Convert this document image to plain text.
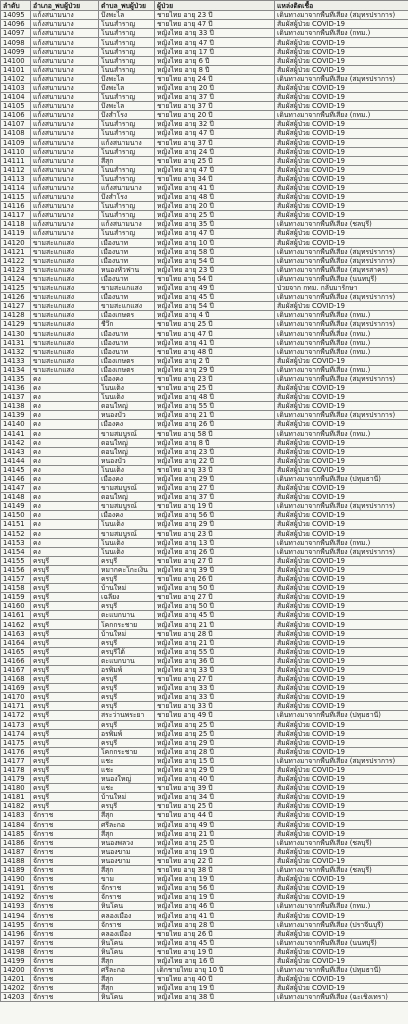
ลำดับ	อำเภอ_พบผู้ป่วย	ตำบล_พบผู้ป่วย	ผู้ป่วย	แหล่งติดเชื้อ
14095	แก้งสนามนาง	บึงพะไล	ชายไทย อายุ 23 ปี	เดินทางมาจากพื้นที่เสี่ยง (สมุทรปราการ)
14096	แก้งสนามนาง	โนนสำราญ	ชายไทย อายุ 47 ปี	สัมผัสผู้ป่วย COVID-19
14097	แก้งสนามนาง	โนนสำราญ	หญิงไทย อายุ 33 ปี	เดินทางมาจากพื้นที่เสี่ยง (กทม.)
14098	แก้งสนามนาง	โนนสำราญ	หญิงไทย อายุ 47 ปี	สัมผัสผู้ป่วย COVID-19
14099	แก้งสนามนาง	โนนสำราญ	หญิงไทย อายุ 17 ปี	สัมผัสผู้ป่วย COVID-19
14100	แก้งสนามนาง	โนนสำราญ	หญิงไทย อายุ 6 ปี	สัมผัสผู้ป่วย COVID-19
14101	แก้งสนามนาง	โนนสำราญ	หญิงไทย อายุ 8 ปี	สัมผัสผู้ป่วย COVID-19
14102	แก้งสนามนาง	บึงพะไล	ชายไทย อายุ 24 ปี	เดินทางมาจากพื้นที่เสี่ยง (สมุทรปราการ)
14103	แก้งสนามนาง	บึงพะไล	หญิงไทย อายุ 20 ปี	สัมผัสผู้ป่วย COVID-19
14104	แก้งสนามนาง	โนนสำราญ	หญิงไทย อายุ 37 ปี	สัมผัสผู้ป่วย COVID-19
14105	แก้งสนามนาง	บึงพะไล	ชายไทย อายุ 37 ปี	สัมผัสผู้ป่วย COVID-19
14106	แก้งสนามนาง	บึงสำโรง	ชายไทย อายุ 20 ปี	เดินทางมาจากพื้นที่เสี่ยง (กทม.)
14107	แก้งสนามนาง	โนนสำราญ	หญิงไทย อายุ 32 ปี	สัมผัสผู้ป่วย COVID-19
14108	แก้งสนามนาง	โนนสำราญ	หญิงไทย อายุ 47 ปี	สัมผัสผู้ป่วย COVID-19
14109	แก้งสนามนาง	แก้งสนามนาง	ชายไทย อายุ 37 ปี	สัมผัสผู้ป่วย COVID-19
14110	แก้งสนามนาง	โนนสำราญ	หญิงไทย อายุ 24 ปี	สัมผัสผู้ป่วย COVID-19
14111	แก้งสนามนาง	สีสุก	ชายไทย อายุ 25 ปี	สัมผัสผู้ป่วย COVID-19
14112	แก้งสนามนาง	โนนสำราญ	หญิงไทย อายุ 47 ปี	สัมผัสผู้ป่วย COVID-19
14113	แก้งสนามนาง	โนนสำราญ	ชายไทย อายุ 34 ปี	สัมผัสผู้ป่วย COVID-19
14114	แก้งสนามนาง	แก้งสนามนาง	หญิงไทย อายุ 41 ปี	สัมผัสผู้ป่วย COVID-19
14115	แก้งสนามนาง	บึงสำโรง	หญิงไทย อายุ 48 ปี	สัมผัสผู้ป่วย COVID-19
14116	แก้งสนามนาง	โนนสำราญ	หญิงไทย อายุ 20 ปี	สัมผัสผู้ป่วย COVID-19
14117	แก้งสนามนาง	โนนสำราญ	หญิงไทย อายุ 25 ปี	สัมผัสผู้ป่วย COVID-19
14118	แก้งสนามนาง	แก้งสนามนาง	หญิงไทย อายุ 35 ปี	เดินทางมาจากพื้นที่เสี่ยง (ชลบุรี)
14119	แก้งสนามนาง	โนนสำราญ	หญิงไทย อายุ 47 ปี	สัมผัสผู้ป่วย COVID-19
14120	ขามสะแกแสง	เมืองนาท	หญิงไทย อายุ 10 ปี	สัมผัสผู้ป่วย COVID-19
14121	ขามสะแกแสง	เมืองนาท	หญิงไทย อายุ 58 ปี	เดินทางมาจากพื้นที่เสี่ยง (สมุทรปราการ)
14122	ขามสะแกแสง	เมืองนาท	หญิงไทย อายุ 54 ปี	เดินทางมาจากพื้นที่เสี่ยง (สมุทรปราการ)
14123	ขามสะแกแสง	หนองหัวฟาน	หญิงไทย อายุ 23 ปี	เดินทางมาจากพื้นที่เสี่ยง (สมุทรสาคร)
14124	ขามสะแกแสง	เมืองนาท	ชายไทย อายุ 54 ปี	เดินทางมาจากพื้นที่เสี่ยง (นนทบุรี)
14125	ขามสะแกแสง	ขามสะแกแสง	หญิงไทย อายุ 49 ปี	ป่วยจาก กทม. กลับมารักษา
14126	ขามสะแกแสง	เมืองนาท	หญิงไทย อายุ 45 ปี	เดินทางมาจากพื้นที่เสี่ยง (สมุทรปราการ)
14127	ขามสะแกแสง	ขามสะแกแสง	หญิงไทย อายุ 54 ปี	สัมผัสผู้ป่วย COVID-19
14128	ขามสะแกแสง	เมืองเกษตร	หญิงไทย อายุ 4 ปี	เดินทางมาจากพื้นที่เสี่ยง (กทม.)
14129	ขามสะแกแสง	ชีวึก	ชายไทย อายุ 25 ปี	เดินทางมาจากพื้นที่เสี่ยง (สมุทรปราการ)
14130	ขามสะแกแสง	เมืองนาท	ชายไทย อายุ 47 ปี	เดินทางมาจากพื้นที่เสี่ยง (กทม.)
14131	ขามสะแกแสง	เมืองนาท	หญิงไทย อายุ 41 ปี	เดินทางมาจากพื้นที่เสี่ยง (กทม.)
14132	ขามสะแกแสง	เมืองนาท	ชายไทย อายุ 48 ปี	เดินทางมาจากพื้นที่เสี่ยง (กทม.)
14133	ขามสะแกแสง	เมืองเกษตร	หญิงไทย อายุ 2 ปี	สัมผัสผู้ป่วย COVID-19
14134	ขามสะแกแสง	เมืองเกษตร	หญิงไทย อายุ 29 ปี	เดินทางมาจากพื้นที่เสี่ยง (กทม.)
14135	คง	เมืองคง	ชายไทย อายุ 23 ปี	เดินทางมาจากพื้นที่เสี่ยง (สมุทรปราการ)
14136	คง	โนนเต็ง	ชายไทย อายุ 25 ปี	สัมผัสผู้ป่วย COVID-19
14137	คง	โนนเต็ง	หญิงไทย อายุ 48 ปี	สัมผัสผู้ป่วย COVID-19
14138	คง	ดอนใหญ่	หญิงไทย อายุ 55 ปี	สัมผัสผู้ป่วย COVID-19
14139	คง	หนองบัว	หญิงไทย อายุ 21 ปี	เดินทางมาจากพื้นที่เสี่ยง (สมุทรปราการ)
14140	คง	เมืองคง	หญิงไทย อายุ 26 ปี	สัมผัสผู้ป่วย COVID-19
14141	คง	ขามสมบูรณ์	ชายไทย อายุ 58 ปี	เดินทางมาจากพื้นที่เสี่ยง (กทม.)
14142	คง	ดอนใหญ่	หญิงไทย อายุ 8 ปี	สัมผัสผู้ป่วย COVID-19
14143	คง	ดอนใหญ่	หญิงไทย อายุ 23 ปี	สัมผัสผู้ป่วย COVID-19
14144	คง	หนองบัว	หญิงไทย อายุ 22 ปี	สัมผัสผู้ป่วย COVID-19
14145	คง	โนนเต็ง	ชายไทย อายุ 33 ปี	สัมผัสผู้ป่วย COVID-19
14146	คง	เมืองคง	หญิงไทย อายุ 29 ปี	เดินทางมาจากพื้นที่เสี่ยง (ปทุมธานี)
14147	คง	ขามสมบูรณ์	หญิงไทย อายุ 27 ปี	สัมผัสผู้ป่วย COVID-19
14148	คง	ดอนใหญ่	หญิงไทย อายุ 37 ปี	สัมผัสผู้ป่วย COVID-19
14149	คง	ขามสมบูรณ์	ชายไทย อายุ 19 ปี	เดินทางมาจากพื้นที่เสี่ยง (สมุทรปราการ)
14150	คง	เมืองคง	หญิงไทย อายุ 56 ปี	สัมผัสผู้ป่วย COVID-19
14151	คง	โนนเต็ง	หญิงไทย อายุ 29 ปี	สัมผัสผู้ป่วย COVID-19
14152	คง	ขามสมบูรณ์	ชายไทย อายุ 23 ปี	สัมผัสผู้ป่วย COVID-19
14153	คง	โนนเต็ง	หญิงไทย อายุ 13 ปี	เดินทางมาจากพื้นที่เสี่ยง (กทม.)
14154	คง	โนนเต็ง	หญิงไทย อายุ 26 ปี	เดินทางมาจากพื้นที่เสี่ยง (สมุทรปราการ)
14155	ครบุรี	ครบุรี	ชายไทย อายุ 27 ปี	สัมผัสผู้ป่วย COVID-19
14156	ครบุรี	หมากคะโกะเงิน	หญิงไทย อายุ 39 ปี	สัมผัสผู้ป่วย COVID-19
14157	ครบุรี	ครบุรี	ชายไทย อายุ 26 ปี	สัมผัสผู้ป่วย COVID-19
14158	ครบุรี	บ้านใหม่	หญิงไทย อายุ 50 ปี	สัมผัสผู้ป่วย COVID-19
14159	ครบุรี	เฉลียง	ชายไทย อายุ 27 ปี	สัมผัสผู้ป่วย COVID-19
14160	ครบุรี	ครบุรี	หญิงไทย อายุ 50 ปี	สัมผัสผู้ป่วย COVID-19
14161	ครบุรี	ตะแบกบาน	หญิงไทย อายุ 45 ปี	สัมผัสผู้ป่วย COVID-19
14162	ครบุรี	โคกกระชาย	หญิงไทย อายุ 21 ปี	สัมผัสผู้ป่วย COVID-19
14163	ครบุรี	บ้านใหม่	ชายไทย อายุ 28 ปี	สัมผัสผู้ป่วย COVID-19
14164	ครบุรี	ครบุรี	หญิงไทย อายุ 21 ปี	สัมผัสผู้ป่วย COVID-19
14165	ครบุรี	ครบุรีใต้	หญิงไทย อายุ 55 ปี	สัมผัสผู้ป่วย COVID-19
14166	ครบุรี	ตะแบกบาน	หญิงไทย อายุ 36 ปี	สัมผัสผู้ป่วย COVID-19
14167	ครบุรี	อรพิมพ์	หญิงไทย อายุ 33 ปี	สัมผัสผู้ป่วย COVID-19
14168	ครบุรี	ครบุรี	ชายไทย อายุ 27 ปี	สัมผัสผู้ป่วย COVID-19
14169	ครบุรี	ครบุรี	หญิงไทย อายุ 33 ปี	สัมผัสผู้ป่วย COVID-19
14170	ครบุรี	ครบุรี	หญิงไทย อายุ 33 ปี	สัมผัสผู้ป่วย COVID-19
14171	ครบุรี	ครบุรี	ชายไทย อายุ 33 ปี	สัมผัสผู้ป่วย COVID-19
14172	ครบุรี	สระว่านพระยา	ชายไทย อายุ 49 ปี	เดินทางมาจากพื้นที่เสี่ยง (ปทุมธานี)
14173	ครบุรี	ครบุรี	หญิงไทย อายุ 25 ปี	สัมผัสผู้ป่วย COVID-19
14174	ครบุรี	อรพิมพ์	หญิงไทย อายุ 25 ปี	สัมผัสผู้ป่วย COVID-19
14175	ครบุรี	ครบุรี	หญิงไทย อายุ 29 ปี	สัมผัสผู้ป่วย COVID-19
14176	ครบุรี	โคกกระชาย	หญิงไทย อายุ 28 ปี	สัมผัสผู้ป่วย COVID-19
14177	ครบุรี	แชะ	หญิงไทย อายุ 15 ปี	เดินทางมาจากพื้นที่เสี่ยง (สมุทรปราการ)
14178	ครบุรี	แชะ	หญิงไทย อายุ 29 ปี	สัมผัสผู้ป่วย COVID-19
14179	ครบุรี	หนองใหญ่	หญิงไทย อายุ 40 ปี	สัมผัสผู้ป่วย COVID-19
14180	ครบุรี	แชะ	ชายไทย อายุ 39 ปี	สัมผัสผู้ป่วย COVID-19
14181	ครบุรี	บ้านใหม่	หญิงไทย อายุ 34 ปี	สัมผัสผู้ป่วย COVID-19
14182	ครบุรี	ครบุรี	ชายไทย อายุ 25 ปี	สัมผัสผู้ป่วย COVID-19
14183	จักราช	สีสุก	ชายไทย อายุ 44 ปี	สัมผัสผู้ป่วย COVID-19
14184	จักราช	ศรีละกอ	หญิงไทย อายุ 49 ปี	สัมผัสผู้ป่วย COVID-19
14185	จักราช	สีสุก	หญิงไทย อายุ 21 ปี	สัมผัสผู้ป่วย COVID-19
14186	จักราช	หนองพลวง	หญิงไทย อายุ 25 ปี	เดินทางมาจากพื้นที่เสี่ยง (ชลบุรี)
14187	จักราช	หนองขาม	หญิงไทย อายุ 19 ปี	สัมผัสผู้ป่วย COVID-19
14188	จักราช	หนองขาม	ชายไทย อายุ 22 ปี	สัมผัสผู้ป่วย COVID-19
14189	จักราช	สีสุก	ชายไทย อายุ 38 ปี	เดินทางมาจากพื้นที่เสี่ยง (ชลบุรี)
14190	จักราช	ขาม	หญิงไทย อายุ 19 ปี	สัมผัสผู้ป่วย COVID-19
14191	จักราช	จักราช	หญิงไทย อายุ 56 ปี	สัมผัสผู้ป่วย COVID-19
14192	จักราช	จักราช	หญิงไทย อายุ 19 ปี	สัมผัสผู้ป่วย COVID-19
14193	จักราช	หินโคน	หญิงไทย อายุ 46 ปี	เดินทางมาจากพื้นที่เสี่ยง (กทม.)
14194	จักราช	คลองเมือง	หญิงไทย อายุ 41 ปี	สัมผัสผู้ป่วย COVID-19
14195	จักราช	จักราช	หญิงไทย อายุ 28 ปี	เดินทางมาจากพื้นที่เสี่ยง (ปราจีนบุรี)
14196	จักราช	คลองเมือง	ชายไทย อายุ 26 ปี	สัมผัสผู้ป่วย COVID-19
14197	จักราช	หินโคน	หญิงไทย อายุ 45 ปี	เดินทางมาจากพื้นที่เสี่ยง (นนทบุรี)
14198	จักราช	หินโคน	ชายไทย อายุ 19 ปี	สัมผัสผู้ป่วย COVID-19
14199	จักราช	สีสุก	หญิงไทย อายุ 16 ปี	สัมผัสผู้ป่วย COVID-19
14200	จักราช	ศรีละกอ	เด็กชายไทย อายุ 10 ปี	เดินทางมาจากพื้นที่เสี่ยง (ปทุมธานี)
14201	จักราช	สีสุก	ชายไทย อายุ 40 ปี	สัมผัสผู้ป่วย COVID-19
14202	จักราช	สีสุก	หญิงไทย อายุ 19 ปี	สัมผัสผู้ป่วย COVID-19
14203	จักราช	หินโคน	หญิงไทย อายุ 38 ปี	เดินทางมาจากพื้นที่เสี่ยง (ฉะเชิงเทรา)
